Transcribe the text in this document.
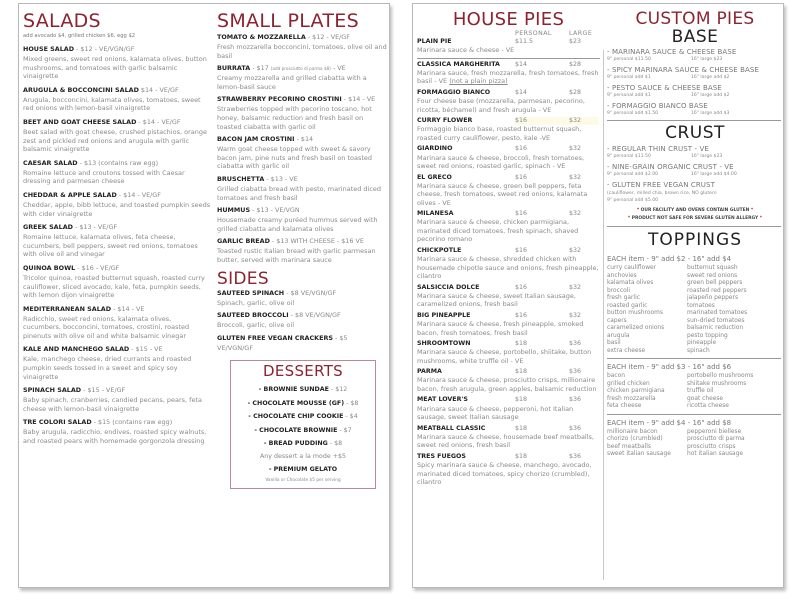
SALADS
add avocado $4, grilled chicken $6, egg $2
HOUSE SALAD - $12 - VE/VGN/GF
Mixed greens, sweet red onions, kalamata olives, button mushrooms, and tomatoes with garlic balsamic vinaigrette
ARUGULA & BOCCONCINI SALAD $14 - VE/GF
Arugula, bocconcini, kalamata olives, tomatoes, sweet red onions with lemon-basil vinaigrette
BEET AND GOAT CHEESE SALAD - $14 - VE/GF
Beet salad with goat cheese, crushed pistachios, orange zest and pickled red onions and arugula with garlic balsamic vinaigrette
CAESAR SALAD - $13 (contains raw egg)
Romaine lettuce and croutons tossed with Caesar dressing and parmesan cheese
CHEDDAR & APPLE SALAD - $14 - VE/GF
Cheddar, apple, bibb lettuce, and toasted pumpkin seeds with cider vinaigrette
GREEK SALAD - $13 - VE/GF
Romaine lettuce, kalamata olives, feta cheese, cucumbers, bell peppers, sweet red onions, tomatoes with olive oil and vinegar
QUINOA BOWL - $16 - VE/GF
Tricolor quinoa, roasted butternut squash, roasted curry cauliflower, sliced avocado, kale, feta, pumpkin seeds, with lemon dijon vinaigrette
MEDITERRANEAN SALAD - $14 - VE
Radicchio, sweet red onions, kalamata olives, cucumbers, bocconcini, tomatoes, crostini, roasted pinenuts with olive oil and white balsamic vinegar
KALE AND MANCHEGO SALAD - $15 - VE
Kale, manchego cheese, dried currants and roasted pumpkin seeds tossed in a sweet and spicy soy vinaigrette
SPINACH SALAD - $15 - VE/GF
Baby spinach, cranberries, candied pecans, pears, feta cheese with lemon-basil vinaigrette
TRE COLORI SALAD - $15 (contains raw egg)
Baby arugula, radicchio, endives, roasted spicy walnuts, and roasted pears with homemade gorgonzola dressing
SMALL PLATES
TOMATO & MOZZARELLA - $12 - VE/GF
Fresh mozzarella bocconcini, tomatoes, olive oil and basil
BURRATA - $17 (add prosciutto di parma $8) - VE
Creamy mozzarella and grilled ciabatta with a lemon-basil sauce
STRAWBERRY PECORINO CROSTINI - $14 - VE
Strawberries topped with pecorino toscano, hot honey, balsamic reduction and fresh basil on toasted ciabatta with garlic oil
BACON JAM CROSTINI - $14
Warm goat cheese topped with sweet & savory bacon jam, pine nuts and fresh basil on toasted ciabatta with garlic oil
BRUSCHETTA - $13 - VE
Grilled ciabatta bread with pesto, marinated diced tomatoes and fresh basil
HUMMUS - $13 - VE/VGN
Housemade creamy puréed hummus served with grilled ciabatta and kalamata olives
GARLIC BREAD - $13 WITH CHEESE - $16 VE
Toasted rustic Italian bread with garlic parmesan butter, served with marinara sauce
SIDES
SAUTEED SPINACH - $8 VE/VGN/GF
Spinach, garlic, olive oil
SAUTEED BROCCOLI - $8 VE/VGN/GF
Broccoli, garlic, olive oil
GLUTEN FREE VEGAN CRACKERS - $5
VE/VGN/GF
DESSERTS
- BROWNIE SUNDAE - $12
- CHOCOLATE MOUSSE (GF) - $8
- CHOCOLATE CHIP COOKIE - $4
- CHOCOLATE BROWNIE - $7
- BREAD PUDDING - $8
Any dessert a la mode +$5
- PREMIUM GELATO
Vanilla or Chocolate $5 per serving
HOUSE PIES
PERSONAL	LARGE
PLAIN PIE	$11.5	$23
Marinara sauce & cheese - VE
CLASSICA MARGHERITA	$14	$28
Marinara sauce, fresh mozzarella, fresh tomatoes, fresh basil - VE (not a plain pizza)
FORMAGGIO BIANCO	$14	$28
Four cheese base (mozzarella, parmesan, pecorino, ricotta, béchamel) and fresh arugula - VE
CURRY FLOWER	$16	$32
Formaggio bianco base, roasted butternut squash, roasted curry cauliflower, pesto, kale -VE
GIARDINO	$16	$32
Marinara sauce & cheese, broccoli, fresh tomatoes, sweet red onions, roasted garlic, spinach - VE
EL GRECO	$16	$32
Marinara sauce & cheese, green bell peppers, feta cheese, fresh tomatoes, sweet red onions, kalamata olives - VE
MILANESA	$16	$32
Marinara sauce & cheese, chicken parmigiana, marinated diced tomatoes, fresh spinach, shaved pecorino romano
CHICKPOTLE	$16	$32
Marinara sauce & cheese, shredded chicken with housemade chipotle sauce and onions, fresh pineapple, cilantro
SALSICCIA DOLCE	$16	$32
Marinara sauce & cheese, sweet Italian sausage, caramelized onions, fresh basil
BIG PINEAPPLE	$16	$32
Marinara sauce & cheese, fresh pineapple, smoked bacon, fresh tomatoes, fresh basil
SHROOMTOWN	$18	$36
Marinara sauce & cheese, portobello, shiitake, button mushrooms, white truffle oil - VE
PARMA	$18	$36
Marinara sauce & cheese, prosciutto crisps, millionaire bacon, fresh arugula, green apples, balsamic reduction
MEAT LOVER'S	$18	$36
Marinara sauce & cheese, pepperoni, hot Italian sausage, sweet Italian sausage
MEATBALL CLASSIC	$18	$36
Marinara sauce & cheese, housemade beef meatballs, sweet red onions, fresh basil
TRES FUEGOS	$18	$36
Spicy marinara sauce & cheese, manchego, avocado, marinated diced tomatoes, spicy chorizo (crumbled), cilantro
CUSTOM PIES
BASE
- MARINARA SAUCE & CHEESE BASE
9" personal $11.50	16" large $23
- SPICY MARINARA SAUCE & CHEESE BASE
9" personal add $1	16" large add $2
- PESTO SAUCE & CHEESE BASE
9" personal add $1	16" large add $2
- FORMAGGIO BIANCO BASE
9" personal add $1.50	16" large add $3
CRUST
- REGULAR THIN CRUST - VE
9" personal $11.50	16" large $23
- NINE-GRAIN ORGANIC CRUST - VE
9" personal add $2.00	16" large add $4.00
- GLUTEN FREE VEGAN CRUST
(cauliflower, milled chia, brown rice, NO gluten)
9" personal add $5.00
* OUR FACILITY AND OVENS CONTAIN GLUTEN *
* PRODUCT NOT SAFE FOR SEVERE GLUTEN ALLERGY *
TOPPINGS
EACH item - 9" add $2 - 16" add $4
curry cauliflower	butternut squash
anchovies	sweet red onions
kalamata olives	green bell peppers
broccoli	roasted red peppers
fresh garlic	jalapeño peppers
roasted garlic	tomatoes
button mushrooms	marinated tomatoes
capers	sun-dried tomatoes
caramelized onions	balsamic reduction
arugula	pesto topping
basil	pineapple
extra cheese	spinach
EACH item - 9" add $3 - 16" add $6
bacon	portobello mushrooms
grilled chicken	shiitake mushrooms
chicken parmigiana	truffle oil
fresh mozzarella	goat cheese
feta cheese	ricotta cheese
EACH item - 9" add $4 - 16" add $8
millionaire bacon	pepperoni biellese
chorizo (crumbled)	prosciutto di parma
beef meatballs	prosciutto crisps
sweet italian sausage	hot italian sausage
